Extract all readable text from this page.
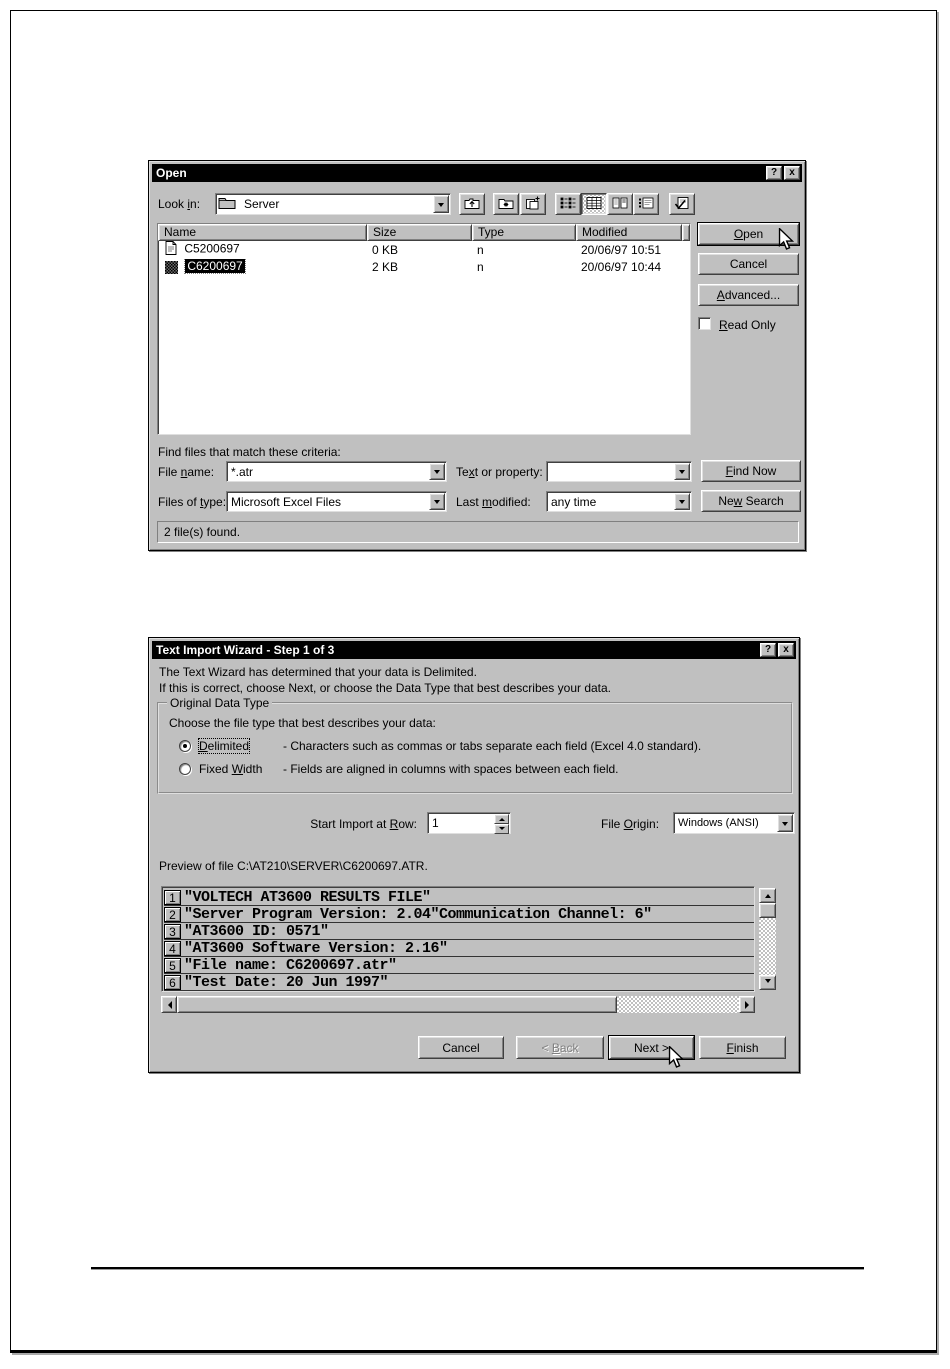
Open	?	x
Look in:	Server
Name	Size	Type	Modified
C5200697	0 KB	n	20/06/97 10:51
C6200697	2 KB	n	20/06/97 10:44
Open
Cancel
Advanced...
Read Only
Find files that match these criteria:
File name:	*.atr	Text or property:	Find Now
Files of type: Microsoft Excel Files	Last modified:	any time	New Search
2 file(s) found.
Text Import Wizard - Step 1 of 3	?	x
The Text Wizard has determined that your data is Delimited.
If this is correct, choose Next, or choose the Data Type that best describes your data.
Original Data Type
Choose the file type that best describes your data:
Delimited	- Characters such as commas or tabs separate each field (Excel 4.0 standard).
Fixed Width - Fields are aligned in columns with spaces between each field.
Start Import at Row:	1	File Origin:	Windows (ANSI)
Preview of file C:\AT210\SERVER\C6200697.ATR.
1 "VOLTECH AT3600 RESULTS FILE"
2 "Server Program Version: 2.04"Communication Channel: 6"
3 "AT3600 ID: 0571"
4 "AT3600 Software Version: 2.16"
5 "File name: C6200697.atr"
6 "Test Date: 20 Jun 1997"
Cancel	< Back	Next >	Finish
